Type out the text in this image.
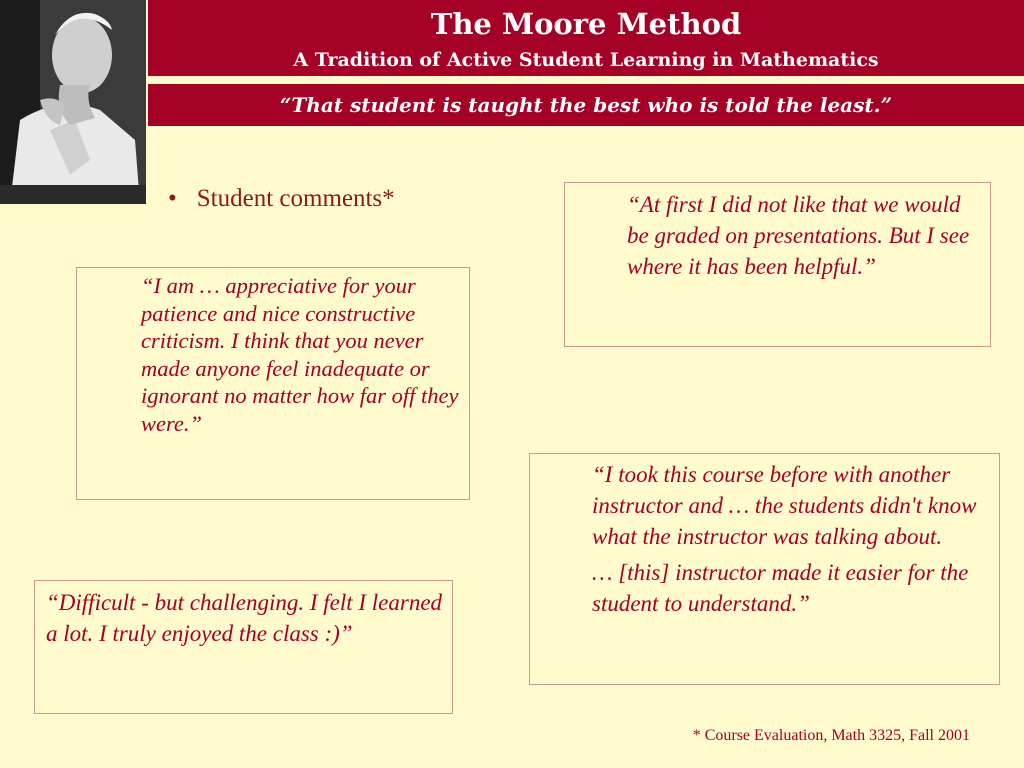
The Moore Method
A Tradition of Active Student Learning in Mathematics
“That student is taught the best who is told the least.”
• Student comments*	“At first I did not like that we would be graded on presentations. But I see where it has been helpful.”

“I am … appreciative for your patience and nice constructive criticism. I think that you never made anyone feel inadequate or ignorant no matter how far off they were.”

“I took this course before with another instructor and … the students didn't know what the instructor was talking about.

… [this] instructor made it easier for the student to understand.”

“Difficult - but challenging. I felt I learned a lot. I truly enjoyed the class :)”

* Course Evaluation, Math 3325, Fall 2001
